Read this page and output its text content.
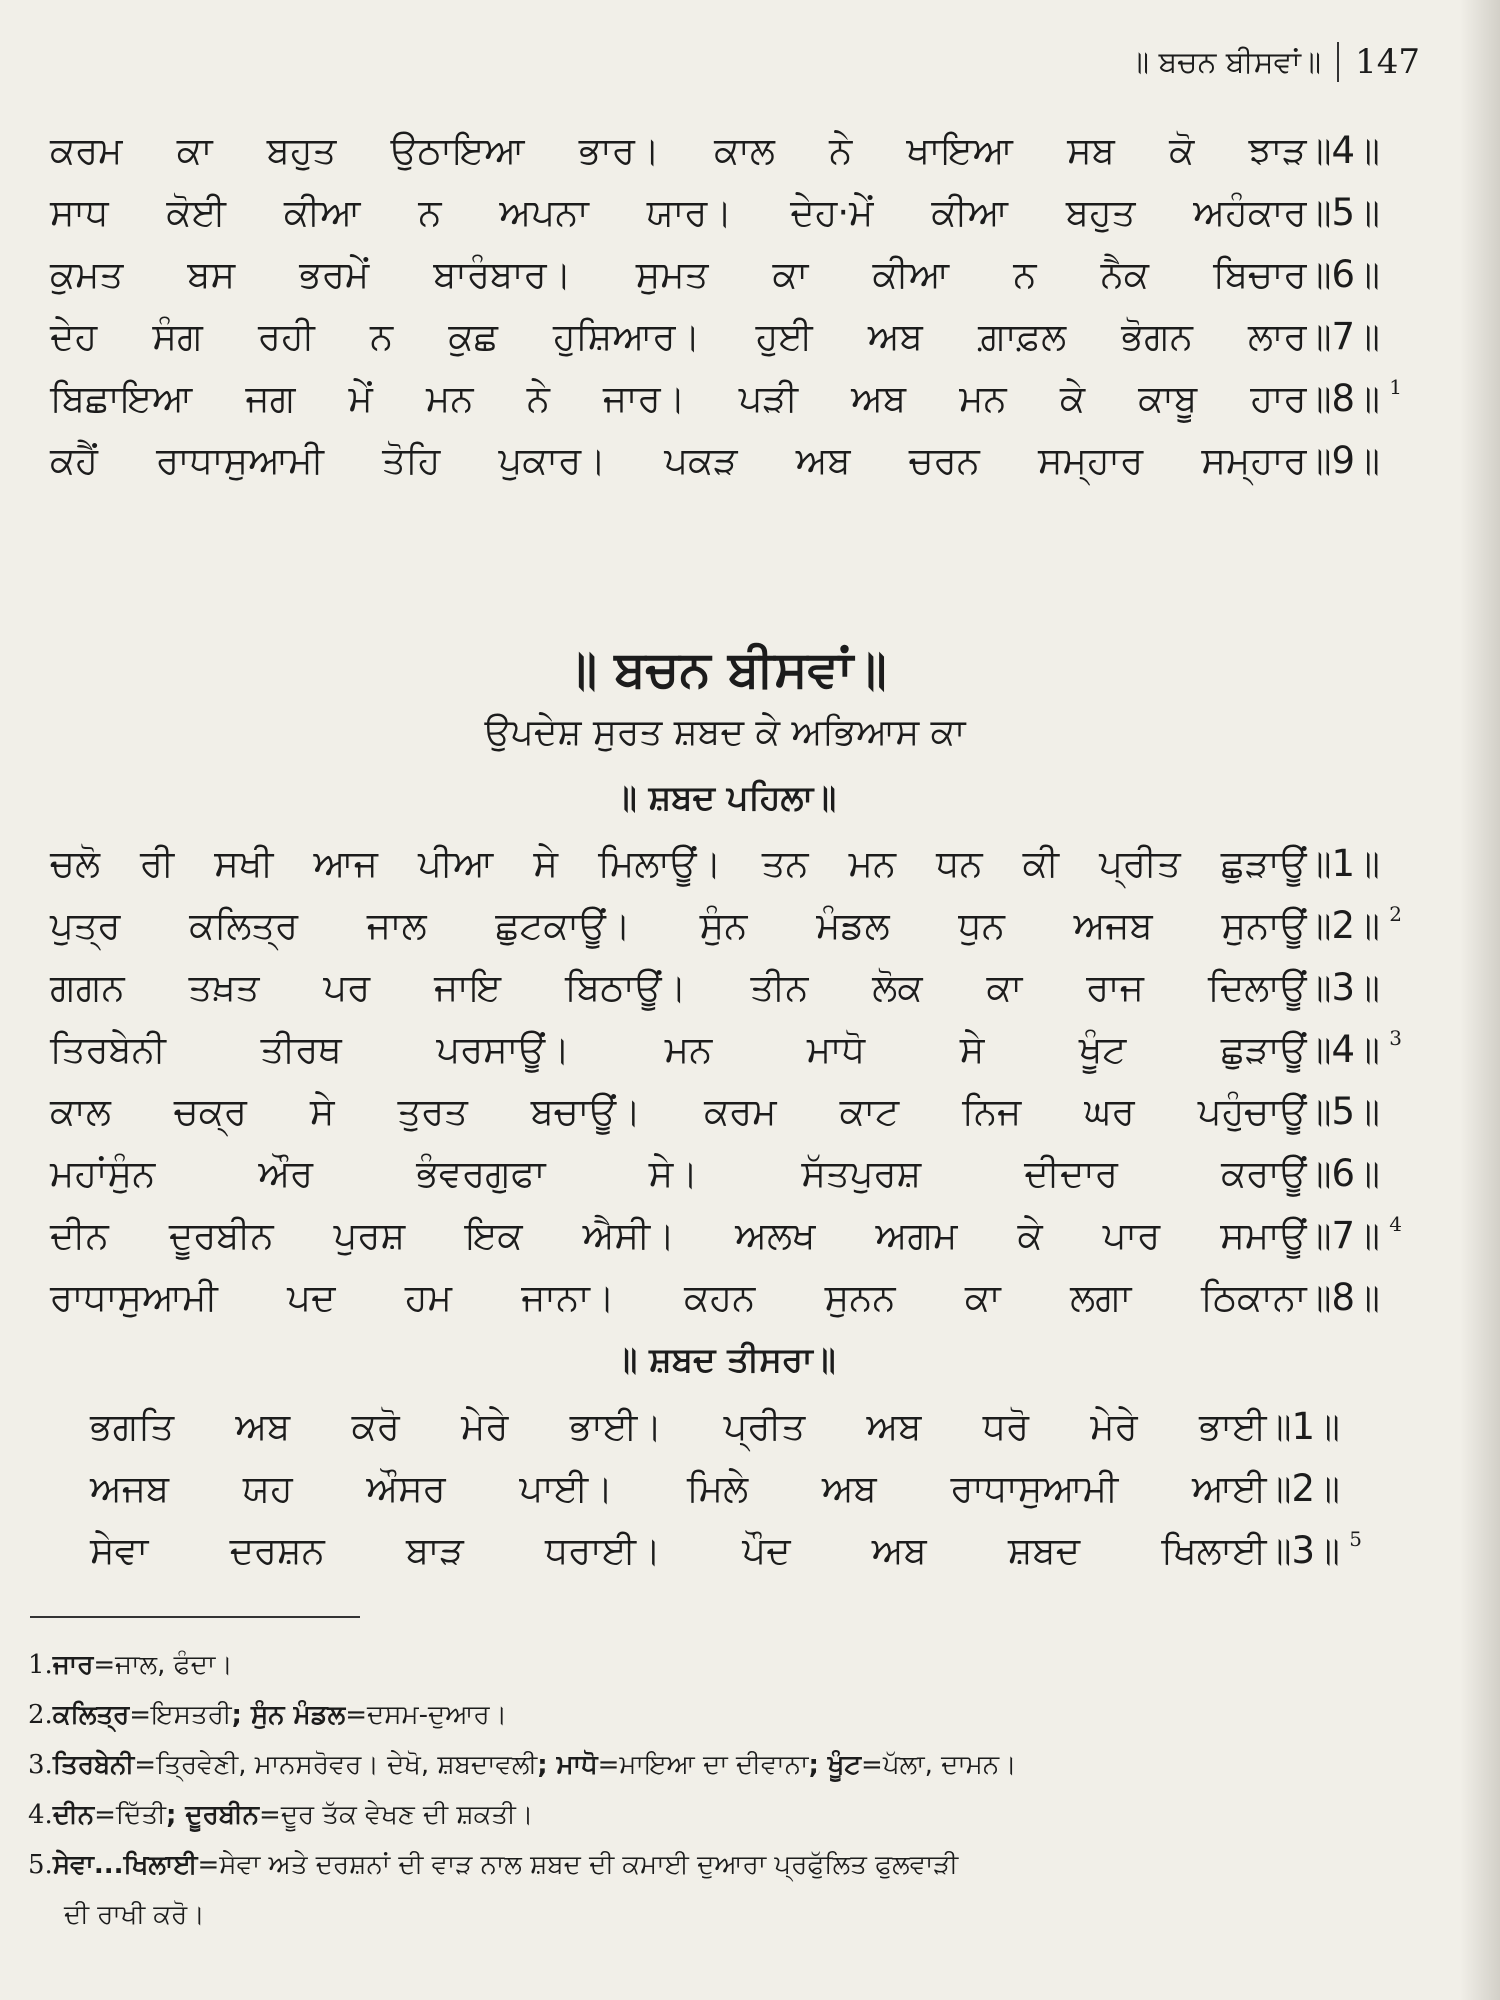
॥ ਬਚਨ ਬੀਸਵਾਂ॥ 147
ਕਰਮ ਕਾ ਬਹੁਤ ਉਠਾਇਆ ਭਾਰ। ਕਾਲ ਨੇ ਖਾਇਆ ਸਬ ਕੋ ਝਾੜ॥4॥
ਸਾਧ ਕੋਈ ਕੀਆ ਨ ਅਪਨਾ ਯਾਰ। ਦੇਹ·ਮੇਂ ਕੀਆ ਬਹੁਤ ਅਹੰਕਾਰ॥5॥
ਕੁਮਤ ਬਸ ਭਰਮੇਂ ਬਾਰੰਬਾਰ। ਸੁਮਤ ਕਾ ਕੀਆ ਨ ਨੈਕ ਬਿਚਾਰ॥6॥
ਦੇਹ ਸੰਗ ਰਹੀ ਨ ਕੁਛ ਹੁਸ਼ਿਆਰ। ਹੁਈ ਅਬ ਗ਼ਾਫ਼ਲ ਭੋਗਨ ਲਾਰ॥7॥
ਬਿਛਾਇਆ ਜਗ ਮੇਂ ਮਨ ਨੇ ਜਾਰ। ਪੜੀ ਅਬ ਮਨ ਕੇ ਕਾਬੂ ਹਾਰ॥8॥ 1
ਕਹੈਂ ਰਾਧਾਸੁਆਮੀ ਤੋਹਿ ਪੁਕਾਰ। ਪਕੜ ਅਬ ਚਰਨ ਸਮ੍ਹਾਰ ਸਮ੍ਹਾਰ॥9॥
॥ ਬਚਨ ਬੀਸਵਾਂ॥
ਉਪਦੇਸ਼ ਸੁਰਤ ਸ਼ਬਦ ਕੇ ਅਭਿਆਸ ਕਾ
॥ ਸ਼ਬਦ ਪਹਿਲਾ॥
ਚਲੋ ਰੀ ਸਖੀ ਆਜ ਪੀਆ ਸੇ ਮਿਲਾਊਂ। ਤਨ ਮਨ ਧਨ ਕੀ ਪ੍ਰੀਤ ਛੁੜਾਊਂ॥1॥
ਪੁਤ੍ਰ ਕਲਿਤ੍ਰ ਜਾਲ ਛੁਟਕਾਊਂ। ਸੁੰਨ ਮੰਡਲ ਧੁਨ ਅਜਬ ਸੁਨਾਊਂ॥2॥ 2
ਗਗਨ ਤਖ਼ਤ ਪਰ ਜਾਇ ਬਿਠਾਊਂ। ਤੀਨ ਲੋਕ ਕਾ ਰਾਜ ਦਿਲਾਊਂ॥3॥
ਤਿਰਬੇਨੀ ਤੀਰਥ ਪਰਸਾਊਂ। ਮਨ ਮਾਧੋ ਸੇ ਖੂੰਟ ਛੁੜਾਊਂ॥4॥ 3
ਕਾਲ ਚਕ੍ਰ ਸੇ ਤੁਰਤ ਬਚਾਊਂ। ਕਰਮ ਕਾਟ ਨਿਜ ਘਰ ਪਹੁੰਚਾਊਂ॥5॥
ਮਹਾਂਸੁੰਨ ਔਰ ਭੰਵਰਗੁਫਾ ਸੇ। ਸੱਤਪੁਰਸ਼ ਦੀਦਾਰ ਕਰਾਊਂ॥6॥
ਦੀਨ ਦੂਰਬੀਨ ਪੁਰਸ਼ ਇਕ ਐਸੀ। ਅਲਖ ਅਗਮ ਕੇ ਪਾਰ ਸਮਾਊਂ॥7॥ 4
ਰਾਧਾਸੁਆਮੀ ਪਦ ਹਮ ਜਾਨਾ। ਕਹਨ ਸੁਨਨ ਕਾ ਲਗਾ ਠਿਕਾਨਾ॥8॥
॥ ਸ਼ਬਦ ਤੀਸਰਾ॥
ਭਗਤਿ ਅਬ ਕਰੋ ਮੇਰੇ ਭਾਈ। ਪ੍ਰੀਤ ਅਬ ਧਰੋ ਮੇਰੇ ਭਾਈ॥1॥
ਅਜਬ ਯਹ ਔਸਰ ਪਾਈ। ਮਿਲੇ ਅਬ ਰਾਧਾਸੁਆਮੀ ਆਈ॥2॥
ਸੇਵਾ ਦਰਸ਼ਨ ਬਾੜ ਧਰਾਈ। ਪੌਦ ਅਬ ਸ਼ਬਦ ਖਿਲਾਈ॥3॥ 5
1.ਜਾਰ=ਜਾਲ, ਫੰਦਾ।
2.ਕਲਿਤ੍ਰ=ਇਸਤਰੀ; ਸੁੰਨ ਮੰਡਲ=ਦਸਮ-ਦੁਆਰ।
3.ਤਿਰਬੇਨੀ=ਤ੍ਰਿਵੇਣੀ, ਮਾਨਸਰੋਵਰ। ਦੇਖੋ, ਸ਼ਬਦਾਵਲੀ; ਮਾਧੋ=ਮਾਇਆ ਦਾ ਦੀਵਾਨਾ; ਖੂੰਟ=ਪੱਲਾ, ਦਾਮਨ।
4.ਦੀਨ=ਦਿੱਤੀ; ਦੂਰਬੀਨ=ਦੂਰ ਤੱਕ ਵੇਖਣ ਦੀ ਸ਼ਕਤੀ।
5.ਸੇਵਾ...ਖਿਲਾਈ=ਸੇਵਾ ਅਤੇ ਦਰਸ਼ਨਾਂ ਦੀ ਵਾੜ ਨਾਲ ਸ਼ਬਦ ਦੀ ਕਮਾਈ ਦੁਆਰਾ ਪ੍ਰਫੁੱਲਿਤ ਫੁਲਵਾੜੀ
ਦੀ ਰਾਖੀ ਕਰੋ।
